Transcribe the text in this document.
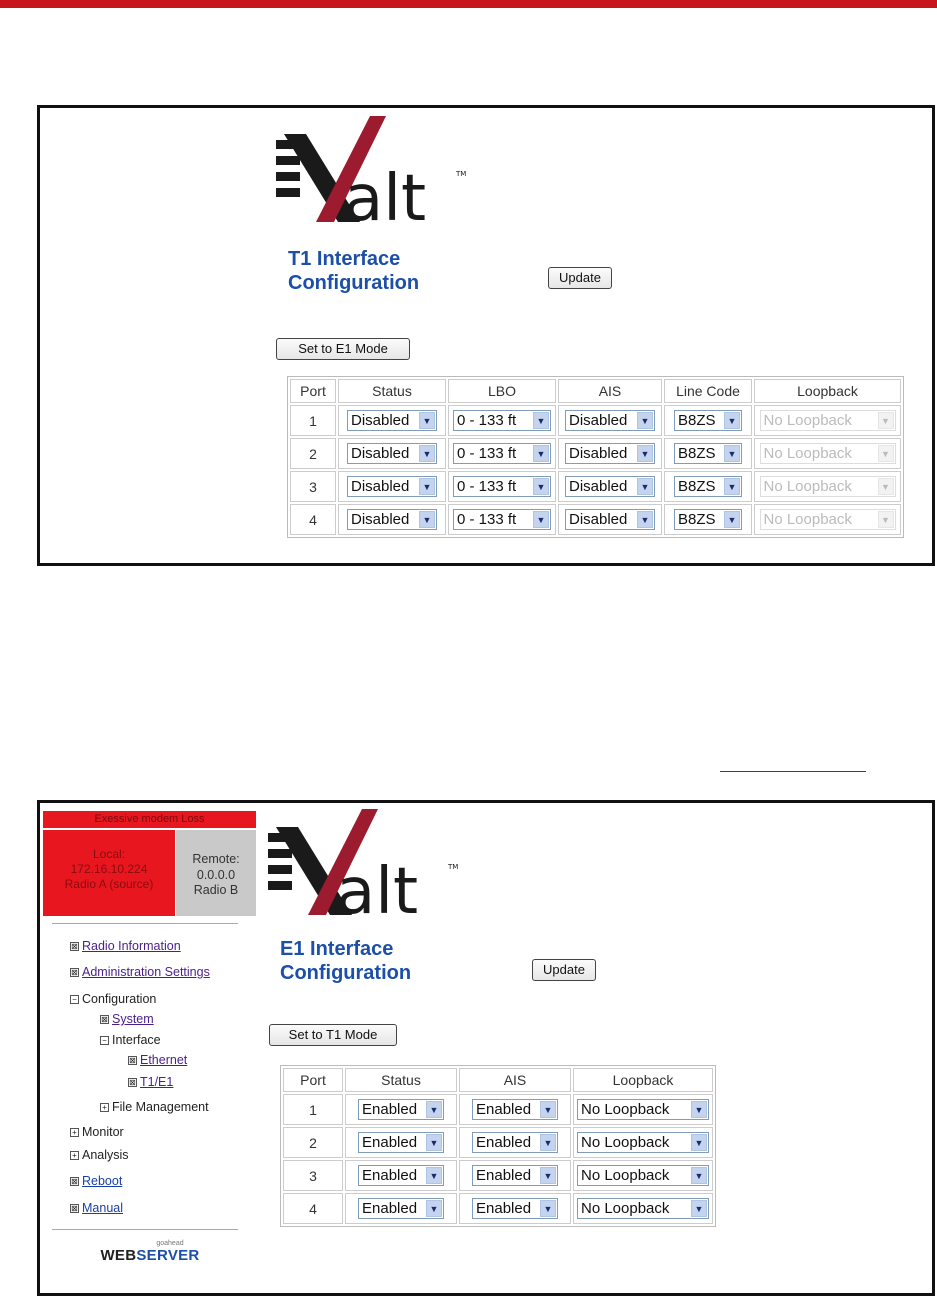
alt	TM
T1 Interface
Configuration	Update
Set to E1 Mode
Port	Status	LBO	AIS	Line Code	Loopback
1	Disabled ▼	0 - 133 ft ▼	Disabled ▼	B8ZS ▼	No Loopback ▼

2	Disabled ▼	0 - 133 ft ▼	Disabled ▼	B8ZS ▼	No Loopback ▼

3	Disabled ▼	0 - 133 ft ▼	Disabled ▼	B8ZS ▼	No Loopback ▼

4	Disabled ▼	0 - 133 ft ▼	Disabled ▼	B8ZS ▼	No Loopback ▼
Exessive modem Loss
Local:
172.16.10.224
Radio A (source)
Remote:
0.0.0.0
Radio B
⊠ Radio Information
⊠ Administration Settings
− Configuration
⊠ System
− Interface
⊠ Ethernet
⊠ T1/E1
+ File Management
+ Monitor
+ Analysis
⊠ Reboot
⊠ Manual
goahead
WEBSERVER
alt	TM
E1 Interface
Configuration	Update
Set to T1 Mode
Port	Status	AIS	Loopback
1	Enabled ▼	Enabled ▼	No Loopback ▼

2	Enabled ▼	Enabled ▼	No Loopback ▼

3	Enabled ▼	Enabled ▼	No Loopback ▼

4	Enabled ▼	Enabled ▼	No Loopback ▼
